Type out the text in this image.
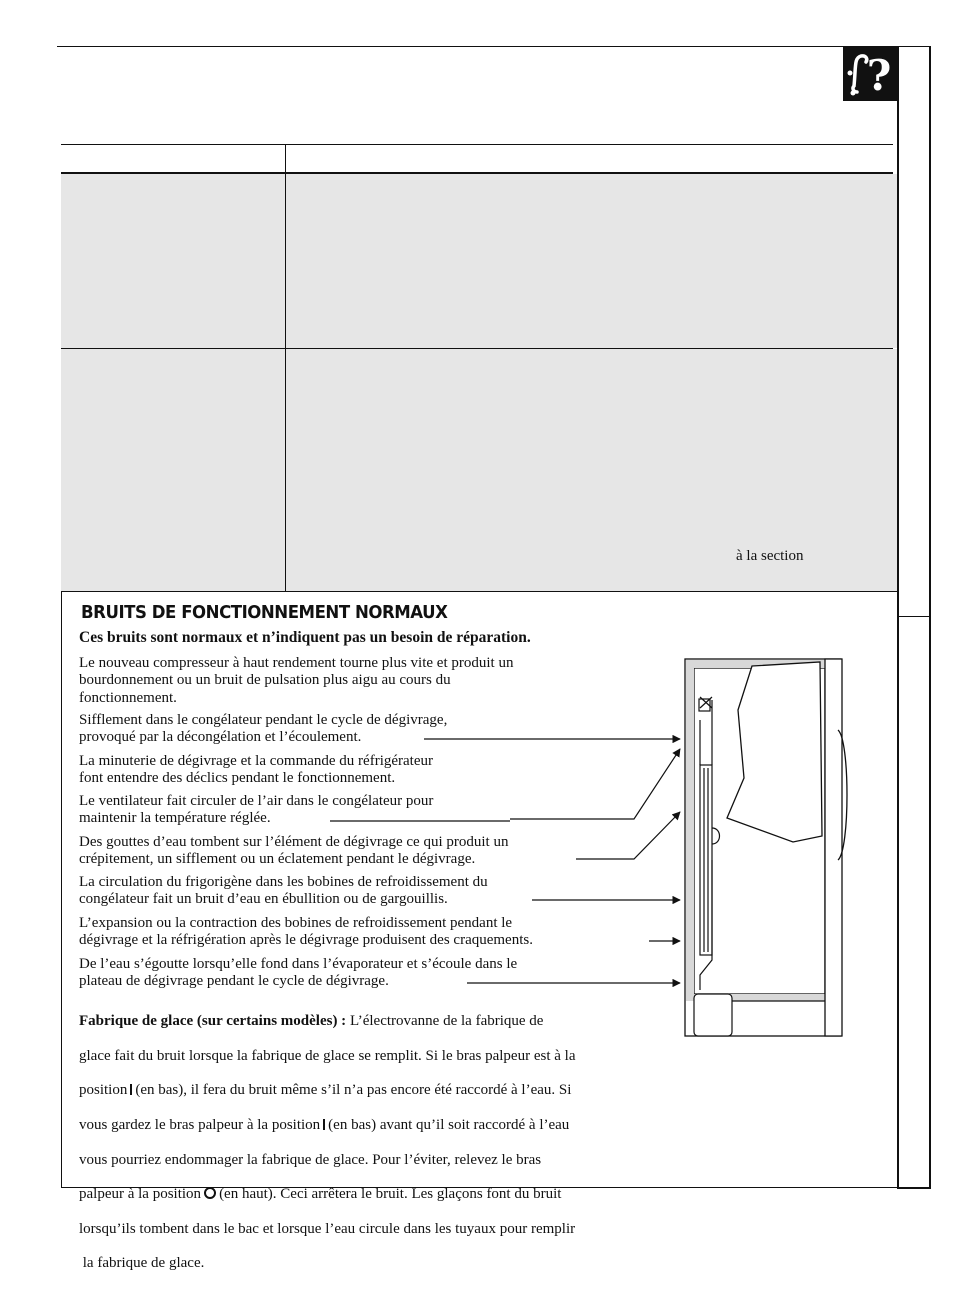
?
à la section
BRUITS DE FONCTIONNEMENT NORMAUX
Ces bruits sont normaux et n’indiquent pas un besoin de réparation.
Le nouveau compresseur à haut rendement tourne plus vite et produit un
bourdonnement ou un bruit de pulsation plus aigu au cours du
fonctionnement.
Sifflement dans le congélateur pendant le cycle de dégivrage,
provoqué par la décongélation et l’écoulement.
La minuterie de dégivrage et la commande du réfrigérateur
font entendre des déclics pendant le fonctionnement.
Le ventilateur fait circuler de l’air dans le congélateur pour
maintenir la température réglée.
Des gouttes d’eau tombent sur l’élément de dégivrage ce qui produit un
crépitement, un sifflement ou un éclatement pendant le dégivrage.
La circulation du frigorigène dans les bobines de refroidissement du
congélateur fait un bruit d’eau en ébullition ou de gargouillis.
L’expansion ou la contraction des bobines de refroidissement pendant le
dégivrage et la réfrigération après le dégivrage produisent des craquements.
De l’eau s’égoutte lorsqu’elle fond dans l’évaporateur et s’écoule dans le
plateau de dégivrage pendant le cycle de dégivrage.

Fabrique de glace (sur certains modèles) : L’électrovanne de la fabrique de

glace fait du bruit lorsque la fabrique de glace se remplit. Si le bras palpeur est à la

position (en bas), il fera du bruit même s’il n’a pas encore été raccordé à l’eau. Si

vous gardez le bras palpeur à la position (en bas) avant qu’il soit raccordé à l’eau

vous pourriez endommager la fabrique de glace. Pour l’éviter, relevez le bras

palpeur à la position (en haut). Ceci arrêtera le bruit. Les glaçons font du bruit

lorsqu’ils tombent dans le bac et lorsque l’eau circule dans les tuyaux pour remplir

la fabrique de glace.
